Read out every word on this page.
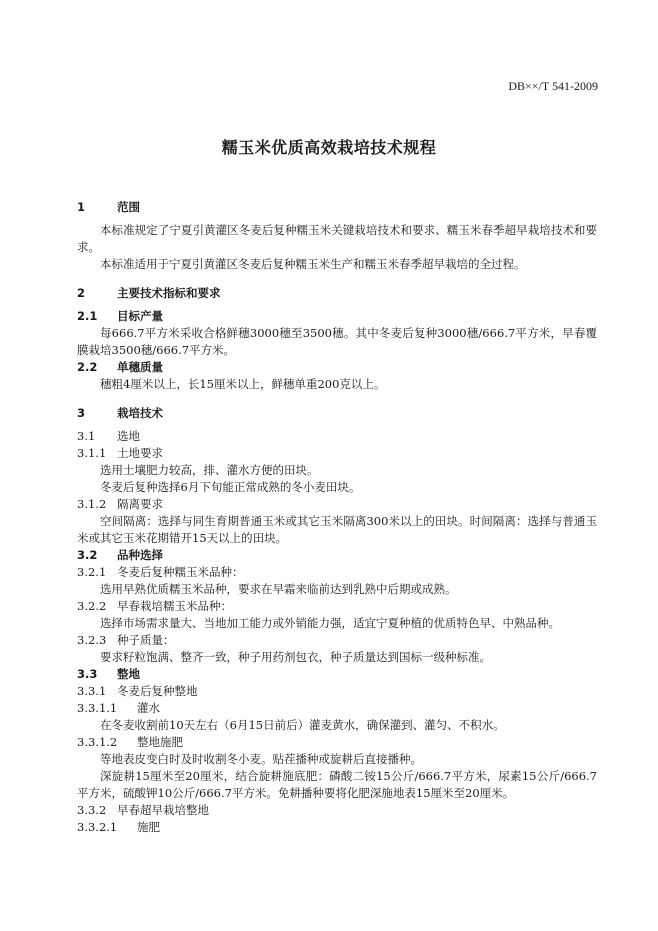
DB××/T 541-2009
糯玉米优质高效栽培技术规程
1	范围
本标准规定了宁夏引黄灌区冬麦后复种糯玉米关键栽培技术和要求、糯玉米春季超早栽培技术和要求。
本标准适用于宁夏引黄灌区冬麦后复种糯玉米生产和糯玉米春季超早栽培的全过程。
2	主要技术指标和要求
2.1 目标产量
每666.7平方米采收合格鲜穗3000穗至3500穗。其中冬麦后复种3000穗/666.7平方米，早春覆膜栽培3500穗/666.7平方米。
2.2 单穗质量
穗粗4厘米以上，长15厘米以上，鲜穗单重200克以上。
3	栽培技术
3.1 选地
3.1.1 土地要求
选用土壤肥力较高，排、灌水方便的田块。
冬麦后复种选择6月下旬能正常成熟的冬小麦田块。
3.1.2 隔离要求
空间隔离：选择与同生育期普通玉米或其它玉米隔离300米以上的田块。时间隔离：选择与普通玉米或其它玉米花期错开15天以上的田块。
3.2 品种选择
3.2.1 冬麦后复种糯玉米品种：
选用早熟优质糯玉米品种，要求在早霜来临前达到乳熟中后期或成熟。
3.2.2 早春栽培糯玉米品种：
选择市场需求量大、当地加工能力或外销能力强，适宜宁夏种植的优质特色早、中熟品种。
3.2.3 种子质量：
要求籽粒饱满、整齐一致，种子用药剂包衣，种子质量达到国标一级种标准。
3.3 整地
3.3.1 冬麦后复种整地
3.3.1.1 灌水
在冬麦收割前10天左右（6月15日前后）灌麦黄水，确保灌到、灌匀、不积水。
3.3.1.2 整地施肥
等地表皮变白时及时收割冬小麦。贴茬播种或旋耕后直接播种。
深旋耕15厘米至20厘米，结合旋耕施底肥：磷酸二铵15公斤/666.7平方米，尿素15公斤/666.7平方米，硫酸钾10公斤/666.7平方米。免耕播种要将化肥深施地表15厘米至20厘米。
3.3.2 早春超早栽培整地
3.3.2.1 施肥
